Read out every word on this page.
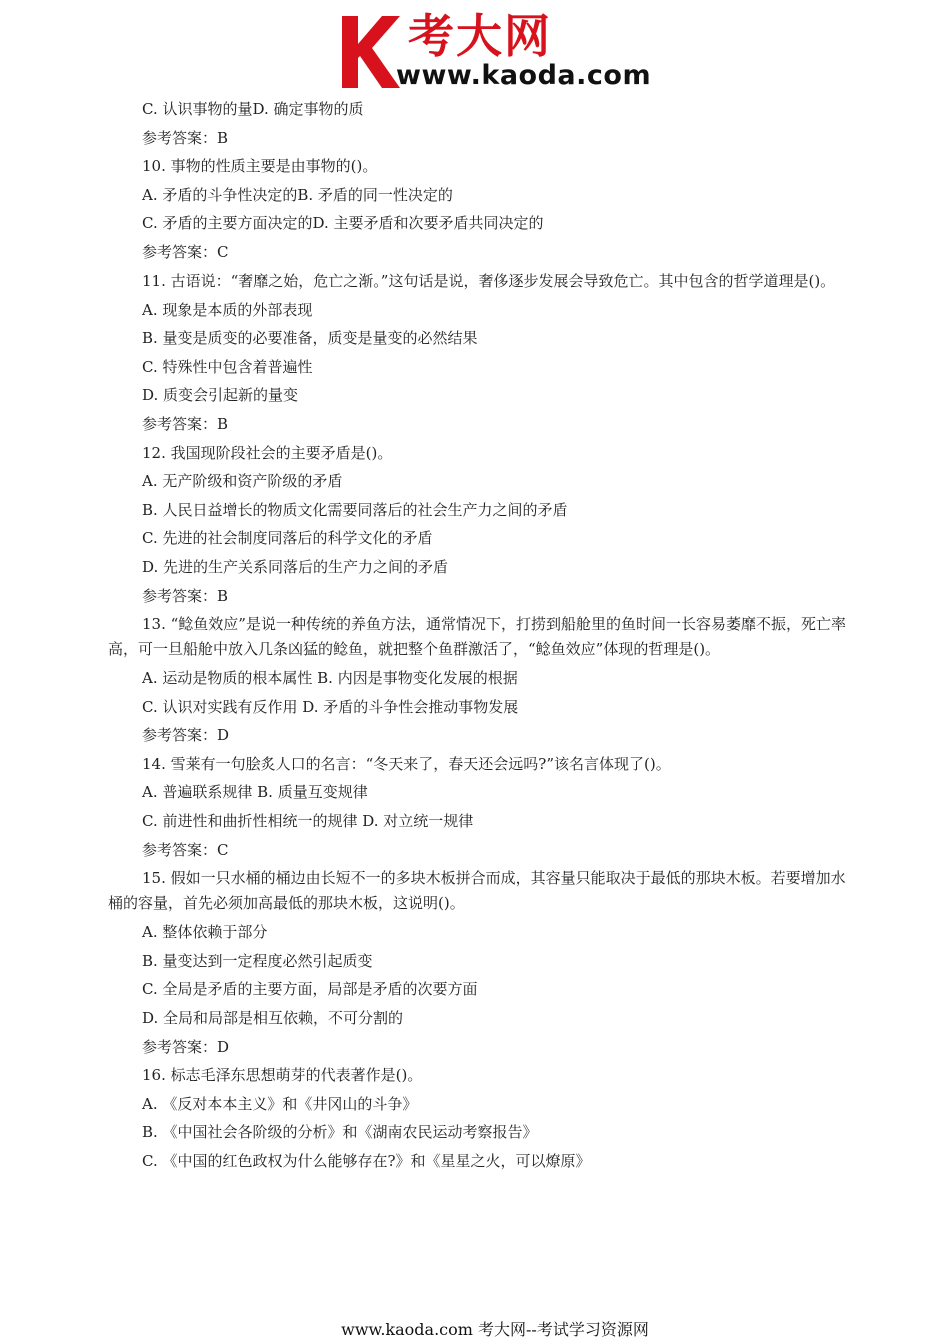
考大网
www.kaoda.com
C. 认识事物的量D. 确定事物的质
参考答案：B
10. 事物的性质主要是由事物的()。
A. 矛盾的斗争性决定的B. 矛盾的同一性决定的
C. 矛盾的主要方面决定的D. 主要矛盾和次要矛盾共同决定的
参考答案：C
11. 古语说：“奢靡之始，危亡之渐。”这句话是说，奢侈逐步发展会导致危亡。其中包含的哲学道理是()。
A. 现象是本质的外部表现
B. 量变是质变的必要准备，质变是量变的必然结果
C. 特殊性中包含着普遍性
D. 质变会引起新的量变
参考答案：B
12. 我国现阶段社会的主要矛盾是()。
A. 无产阶级和资产阶级的矛盾
B. 人民日益增长的物质文化需要同落后的社会生产力之间的矛盾
C. 先进的社会制度同落后的科学文化的矛盾
D. 先进的生产关系同落后的生产力之间的矛盾
参考答案：B
13. “鲶鱼效应”是说一种传统的养鱼方法，通常情况下，打捞到船舱里的鱼时间一长容易萎靡不振，死亡率高，可一旦船舱中放入几条凶猛的鲶鱼，就把整个鱼群激活了，“鲶鱼效应”体现的哲理是()。
A. 运动是物质的根本属性 B. 内因是事物变化发展的根据
C. 认识对实践有反作用 D. 矛盾的斗争性会推动事物发展
参考答案：D
14. 雪莱有一句脍炙人口的名言：“冬天来了，春天还会远吗?”该名言体现了()。
A. 普遍联系规律 B. 质量互变规律
C. 前进性和曲折性相统一的规律 D. 对立统一规律
参考答案：C
15. 假如一只水桶的桶边由长短不一的多块木板拼合而成，其容量只能取决于最低的那块木板。若要增加水桶的容量，首先必须加高最低的那块木板，这说明()。
A. 整体依赖于部分
B. 量变达到一定程度必然引起质变
C. 全局是矛盾的主要方面，局部是矛盾的次要方面
D. 全局和局部是相互依赖，不可分割的
参考答案：D
16. 标志毛泽东思想萌芽的代表著作是()。
A. 《反对本本主义》和《井冈山的斗争》
B. 《中国社会各阶级的分析》和《湖南农民运动考察报告》
C. 《中国的红色政权为什么能够存在?》和《星星之火，可以燎原》
www.kaoda.com 考大网--考试学习资源网
